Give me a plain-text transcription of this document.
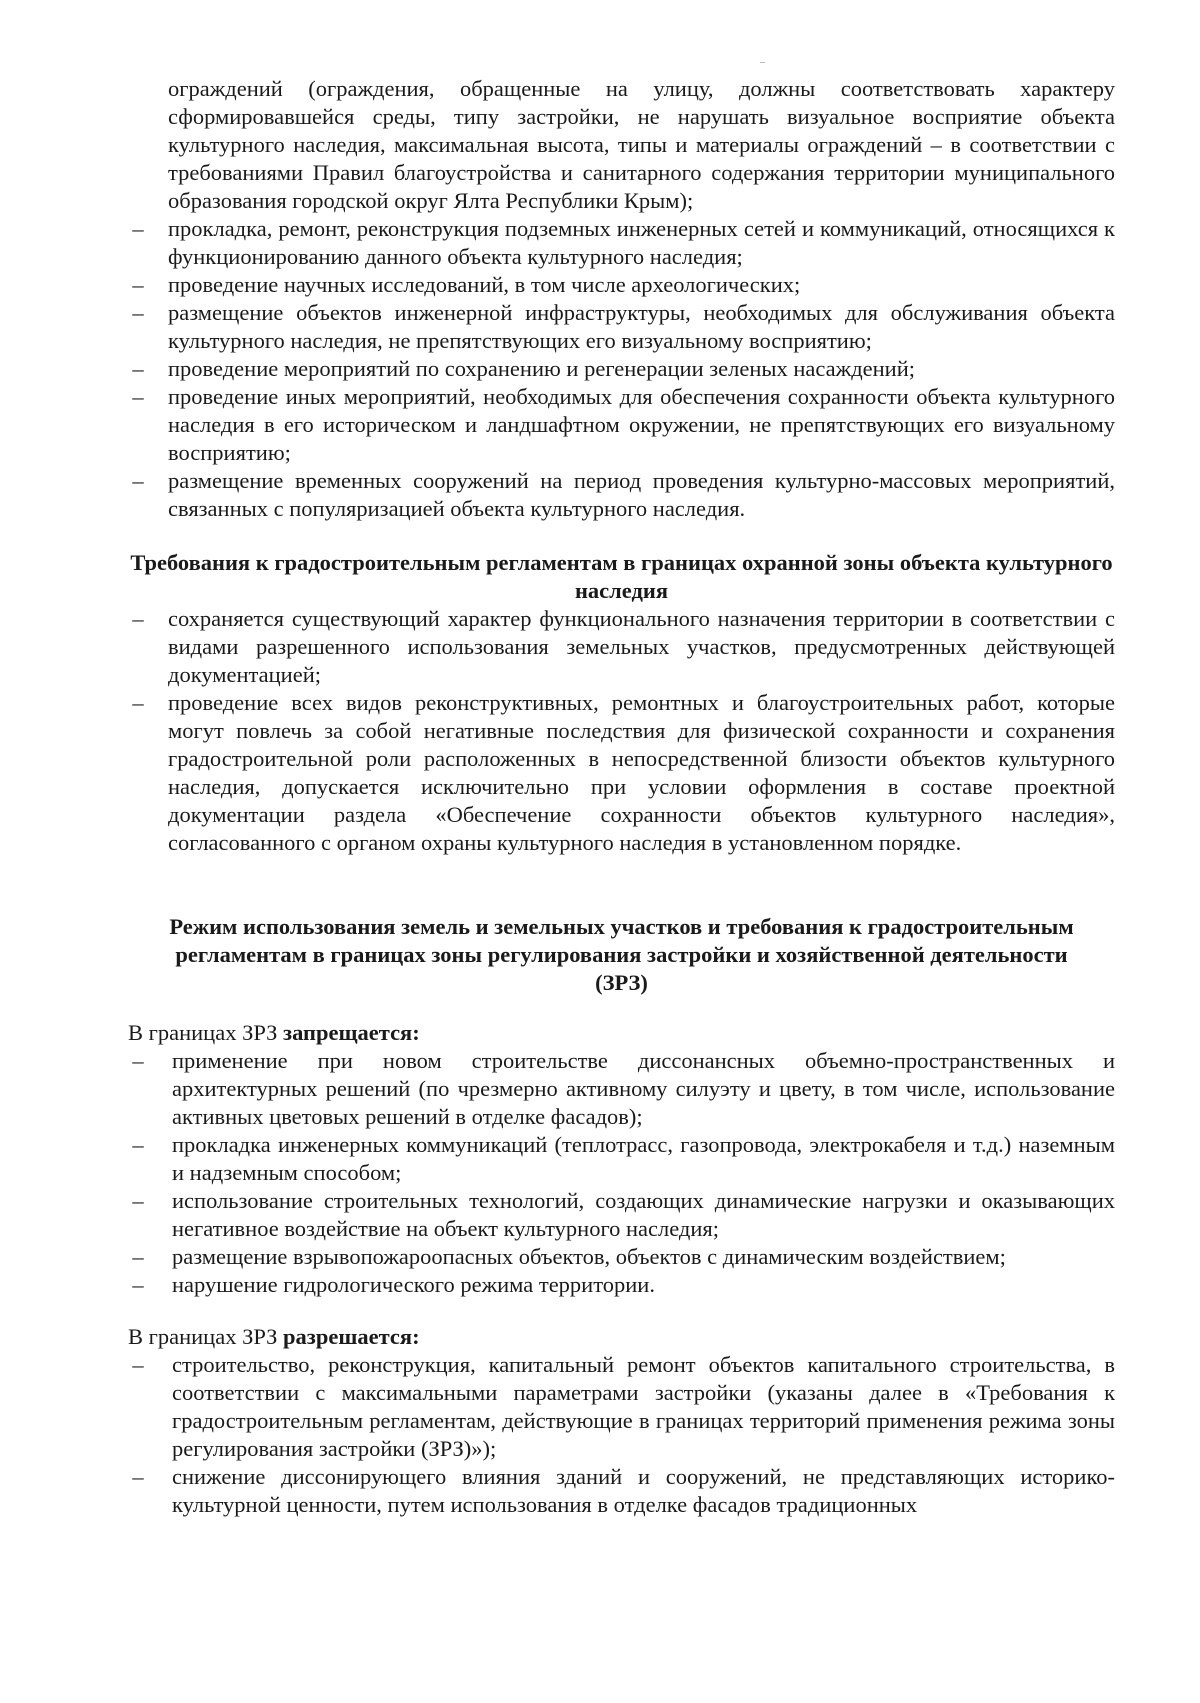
ограждений (ограждения, обращенные на улицу, должны соответствовать характеру сформировавшейся среды, типу застройки, не нарушать визуальное восприятие объекта культурного наследия, максимальная высота, типы и материалы ограждений – в соответствии с требованиями Правил благоустройства и санитарного содержания территории муниципального образования городской округ Ялта Республики Крым);

– прокладка, ремонт, реконструкция подземных инженерных сетей и коммуникаций, относящихся к функционированию данного объекта культурного наследия;
– проведение научных исследований, в том числе археологических;
– размещение объектов инженерной инфраструктуры, необходимых для обслуживания объекта культурного наследия, не препятствующих его визуальному восприятию;
– проведение мероприятий по сохранению и регенерации зеленых насаждений;
– проведение иных мероприятий, необходимых для обеспечения сохранности объекта культурного наследия в его историческом и ландшафтном окружении, не препятствующих его визуальному восприятию;
– размещение временных сооружений на период проведения культурно-массовых мероприятий, связанных с популяризацией объекта культурного наследия.
Требования к градостроительным регламентам в границах охранной зоны объекта культурного наследия
– сохраняется существующий характер функционального назначения территории в соответствии с видами разрешенного использования земельных участков, предусмотренных действующей документацией;
– проведение всех видов реконструктивных, ремонтных и благоустроительных работ, которые могут повлечь за собой негативные последствия для физической сохранности и сохранения градостроительной роли расположенных в непосредственной близости объектов культурного наследия, допускается исключительно при условии оформления в составе проектной документации раздела «Обеспечение сохранности объектов культурного наследия», согласованного с органом охраны культурного наследия в установленном порядке.
Режим использования земель и земельных участков и требования к градостроительным регламентам в границах зоны регулирования застройки и хозяйственной деятельности (ЗРЗ)

В границах ЗРЗ запрещается:

– применение при новом строительстве диссонансных объемно-пространственных и архитектурных решений (по чрезмерно активному силуэту и цвету, в том числе, использование активных цветовых решений в отделке фасадов);
– прокладка инженерных коммуникаций (теплотрасс, газопровода, электрокабеля и т.д.) наземным и надземным способом;
– использование строительных технологий, создающих динамические нагрузки и оказывающих негативное воздействие на объект культурного наследия;
– размещение взрывопожароопасных объектов, объектов с динамическим воздействием;
– нарушение гидрологического режима территории.

В границах ЗРЗ разрешается:

– строительство, реконструкция, капитальный ремонт объектов капитального строительства, в соответствии с максимальными параметрами застройки (указаны далее в «Требования к градостроительным регламентам, действующие в границах территорий применения режима зоны регулирования застройки (ЗРЗ)»);
– снижение диссонирующего влияния зданий и сооружений, не представляющих историко-культурной ценности, путем использования в отделке фасадов традиционных
